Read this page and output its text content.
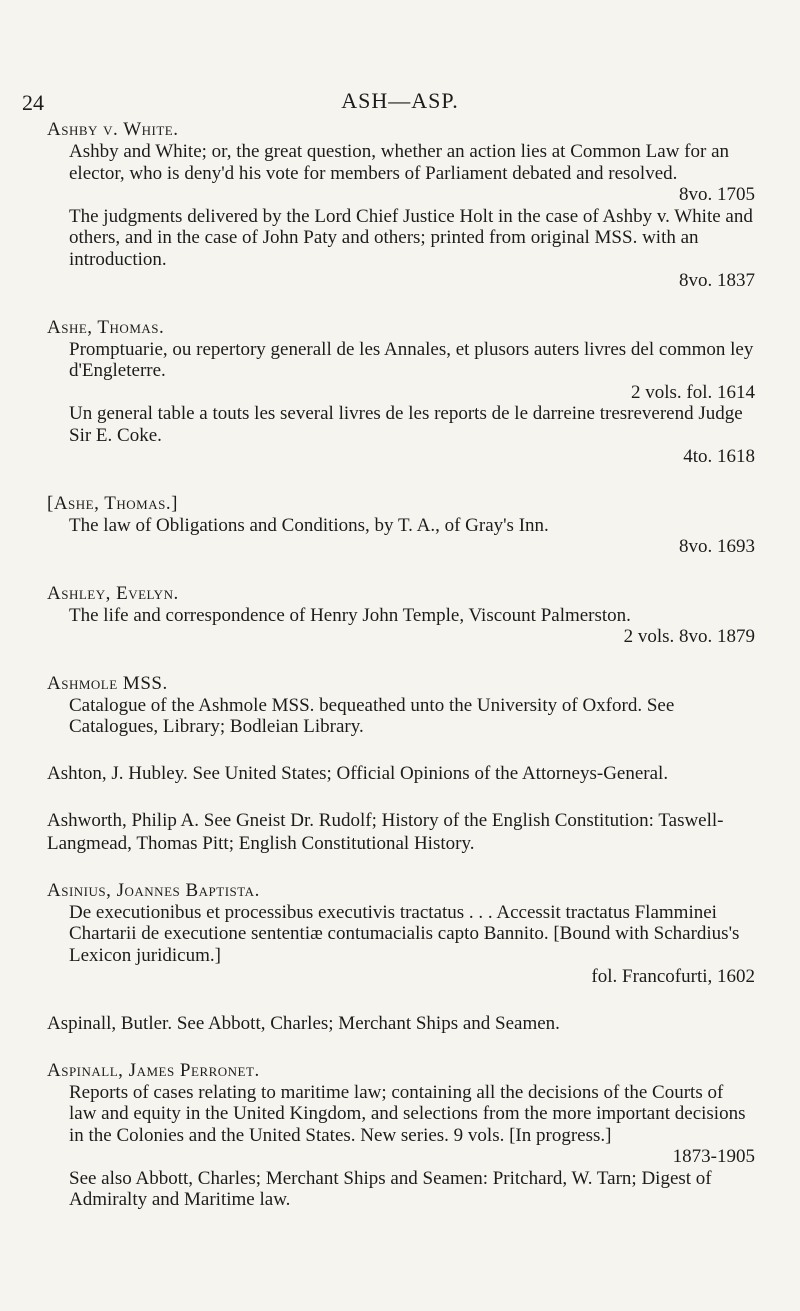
24	ASH—ASP.
Ashby v. White.
Ashby and White; or, the great question, whether an action lies at Common Law for an elector, who is deny'd his vote for members of Parliament debated and resolved.
8vo. 1705
The judgments delivered by the Lord Chief Justice Holt in the case of Ashby v. White and others, and in the case of John Paty and others; printed from original MSS. with an introduction.
8vo. 1837
Ashe, Thomas.
Promptuarie, ou repertory generall de les Annales, et plusors auters livres del common ley d'Engleterre.
2 vols. fol. 1614
Un general table a touts les several livres de les reports de le darreine tresreverend Judge Sir E. Coke.
4to. 1618
[Ashe, Thomas.]
The law of Obligations and Conditions, by T. A., of Gray's Inn.
8vo. 1693
Ashley, Evelyn.
The life and correspondence of Henry John Temple, Viscount Palmerston.
2 vols. 8vo. 1879
Ashmole MSS.
Catalogue of the Ashmole MSS. bequeathed unto the University of Oxford. See Catalogues, Library; Bodleian Library.
Ashton, J. Hubley. See United States; Official Opinions of the Attorneys-General.
Ashworth, Philip A. See Gneist Dr. Rudolf; History of the English Constitution: Taswell-Langmead, Thomas Pitt; English Constitutional History.
Asinius, Joannes Baptista.
De executionibus et processibus executivis tractatus . . . Accessit tractatus Flamminei Chartarii de executione sententiæ contumacialis capto Bannito. [Bound with Schardius's Lexicon juridicum.]
fol. Francofurti, 1602
Aspinall, Butler. See Abbott, Charles; Merchant Ships and Seamen.
Aspinall, James Perronet.
Reports of cases relating to maritime law; containing all the decisions of the Courts of law and equity in the United Kingdom, and selections from the more important decisions in the Colonies and the United States. New series. 9 vols. [In progress.]
1873-1905
See also Abbott, Charles; Merchant Ships and Seamen: Pritchard, W. Tarn; Digest of Admiralty and Maritime law.
